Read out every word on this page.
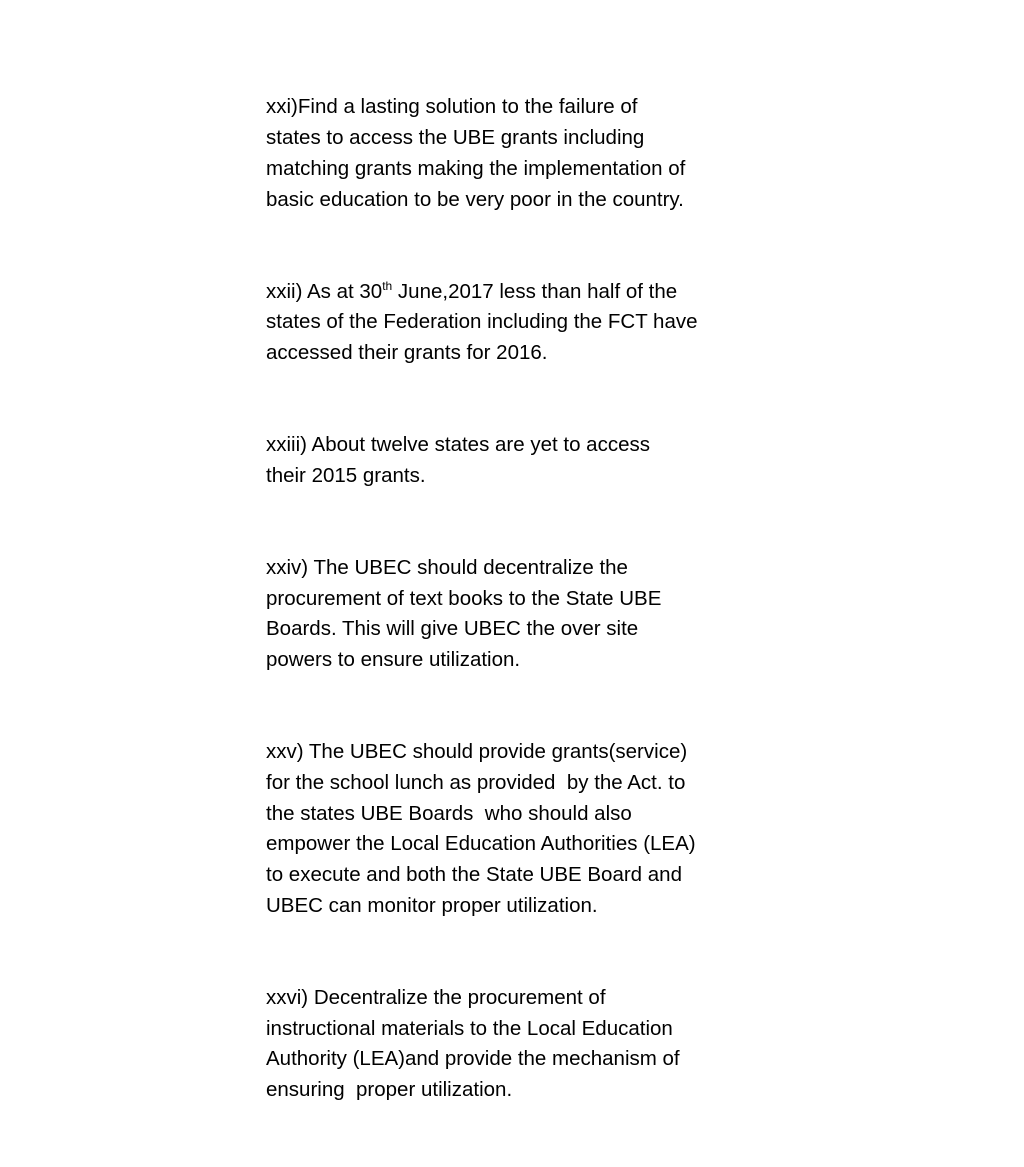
xxi)Find a lasting solution to the failure of
states to access the UBE grants including
matching grants making the implementation of
basic education to be very poor in the country.

xxii) As at 30th June,2017 less than half of the
states of the Federation including the FCT have
accessed their grants for 2016.

xxiii) About twelve states are yet to access
their 2015 grants.

xxiv) The UBEC should decentralize the
procurement of text books to the State UBE
Boards. This will give UBEC the over site
powers to ensure utilization.

xxv) The UBEC should provide grants(service)
for the school lunch as provided  by the Act. to
the states UBE Boards  who should also
empower the Local Education Authorities (LEA)
to execute and both the State UBE Board and
UBEC can monitor proper utilization.

xxvi) Decentralize the procurement of
instructional materials to the Local Education
Authority (LEA)and provide the mechanism of
ensuring  proper utilization.
